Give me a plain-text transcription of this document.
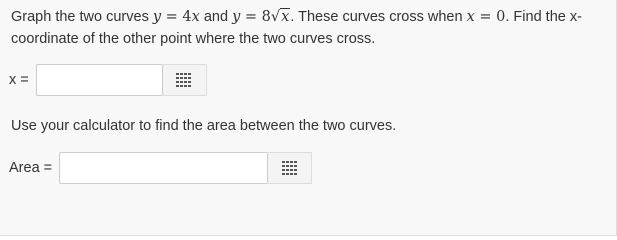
Graph the two curves y = 4x and y = 8√x. These curves cross when x = 0. Find the x-coordinate of the other point where the two curves cross.
x =
Use your calculator to find the area between the two curves.
Area =
